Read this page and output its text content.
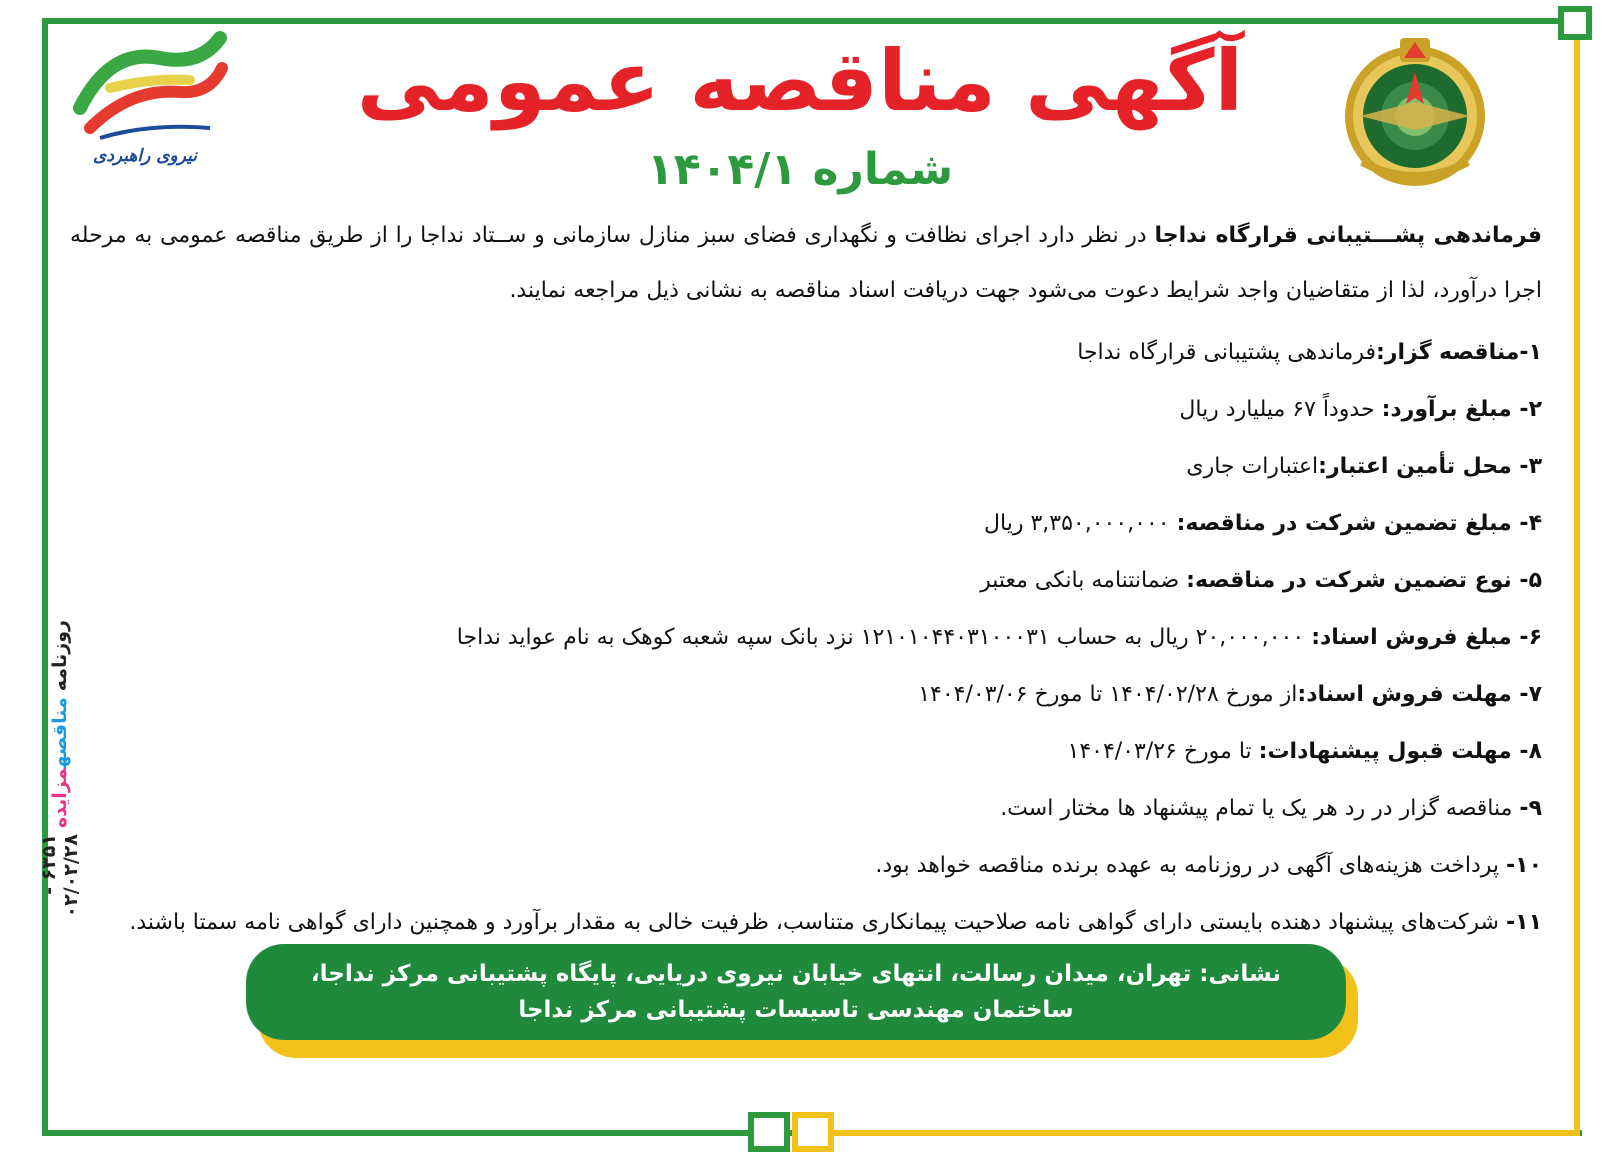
نیروی راهبردی
آگهی مناقصه عمومی
شماره ۱۴۰۴/۱

فرماندهی پشـــتیبانی قرارگاه نداجا در نظر دارد اجرای نظافت و نگهداری فضای سبز منازل سازمانی و ســتاد نداجا را از طریق مناقصه عمومی به مرحله اجرا درآورد، لذا از متقاضیان واجد شرایط دعوت می‌شود جهت دریافت اسناد مناقصه به نشانی ذیل مراجعه نمایند.

۱-مناقصه گزار:فرماندهی پشتیبانی قرارگاه نداجا
۲- مبلغ برآورد: حدوداً ۶۷ میلیارد ریال
۳- محل تأمین اعتبار:اعتبارات جاری
۴- مبلغ تضمین شرکت در مناقصه: ۳,۳۵۰,۰۰۰,۰۰۰ ریال
۵- نوع تضمین شرکت در مناقصه: ضمانتنامه بانکی معتبر
۶- مبلغ فروش اسناد: ۲۰,۰۰۰,۰۰۰ ریال به حساب ۱۲۱۰۱۰۴۴۰۳۱۰۰۰۳۱ نزد بانک سپه شعبه کوهک به نام عواید نداجا
۷- مهلت فروش اسناد:از مورخ ۱۴۰۴/۰۲/۲۸ تا مورخ ۱۴۰۴/۰۳/۰۶
۸- مهلت قبول پیشنهادات: تا مورخ ۱۴۰۴/۰۳/۲۶
۹- مناقصه گزار در رد هر یک یا تمام پیشنهاد ها مختار است.
۱۰- پرداخت هزینه‌های آگهی در روزنامه به عهده برنده مناقصه خواهد بود.
۱۱- شرکت‌های پیشنهاد دهنده بایستی دارای گواهی نامه صلاحیت پیمانکاری متناسب، ظرفیت خالی به مقدار برآورد و همچنین دارای گواهی نامه سمتا باشند.
نشانی: تهران، میدان رسالت، انتهای خیابان نیروی دریایی، پایگاه پشتیبانی مرکز نداجا، ساختمان مهندسی تاسیسات پشتیبانی مرکز نداجا
روزنامه
مناقصهمزایده
۶۳۵۱ - ۰۲/۰۲/۲۸
